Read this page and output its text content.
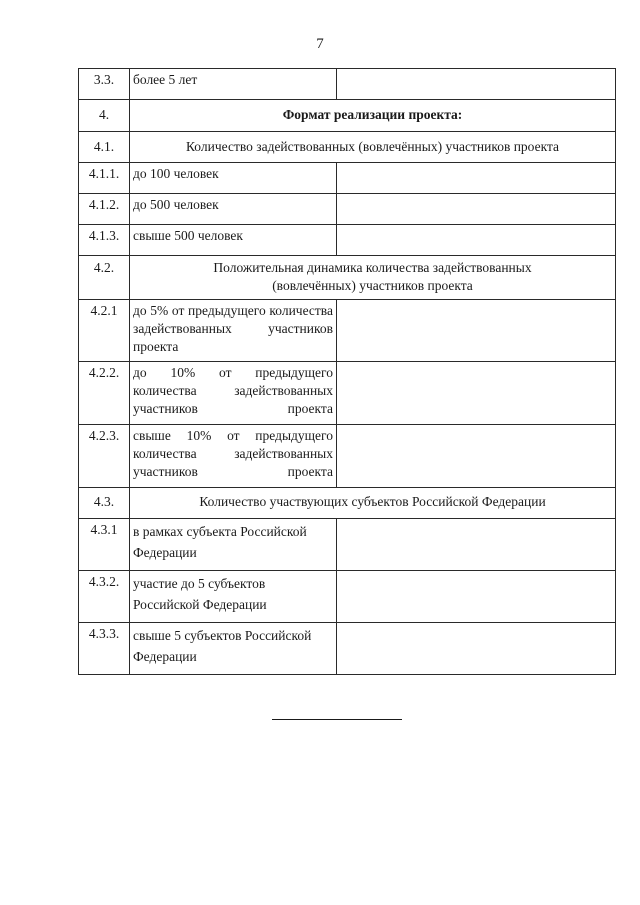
7
3.3.	более 5 лет	
4.	Формат реализации проекта:	
4.1.	Количество задействованных (вовлечённых) участников проекта	
4.1.1.	до 100 человек	
4.1.2.	до 500 человек	
4.1.3.	свыше 500 человек	
4.2.	Положительная динамика количества задействованных (вовлечённых) участников проекта	
4.2.1	до 5% от предыдущего количества задействованных участников проекта	
4.2.2.	до 10% от предыдущего количества задействованных участников проекта	
4.2.3.	свыше 10% от предыдущего количества задействованных участников проекта	
4.3.	Количество участвующих субъектов Российской Федерации	
4.3.1	в рамках субъекта Российской Федерации	
4.3.2.	участие до 5 субъектов Российской Федерации	
4.3.3.	свыше 5 субъектов Российской Федерации	
